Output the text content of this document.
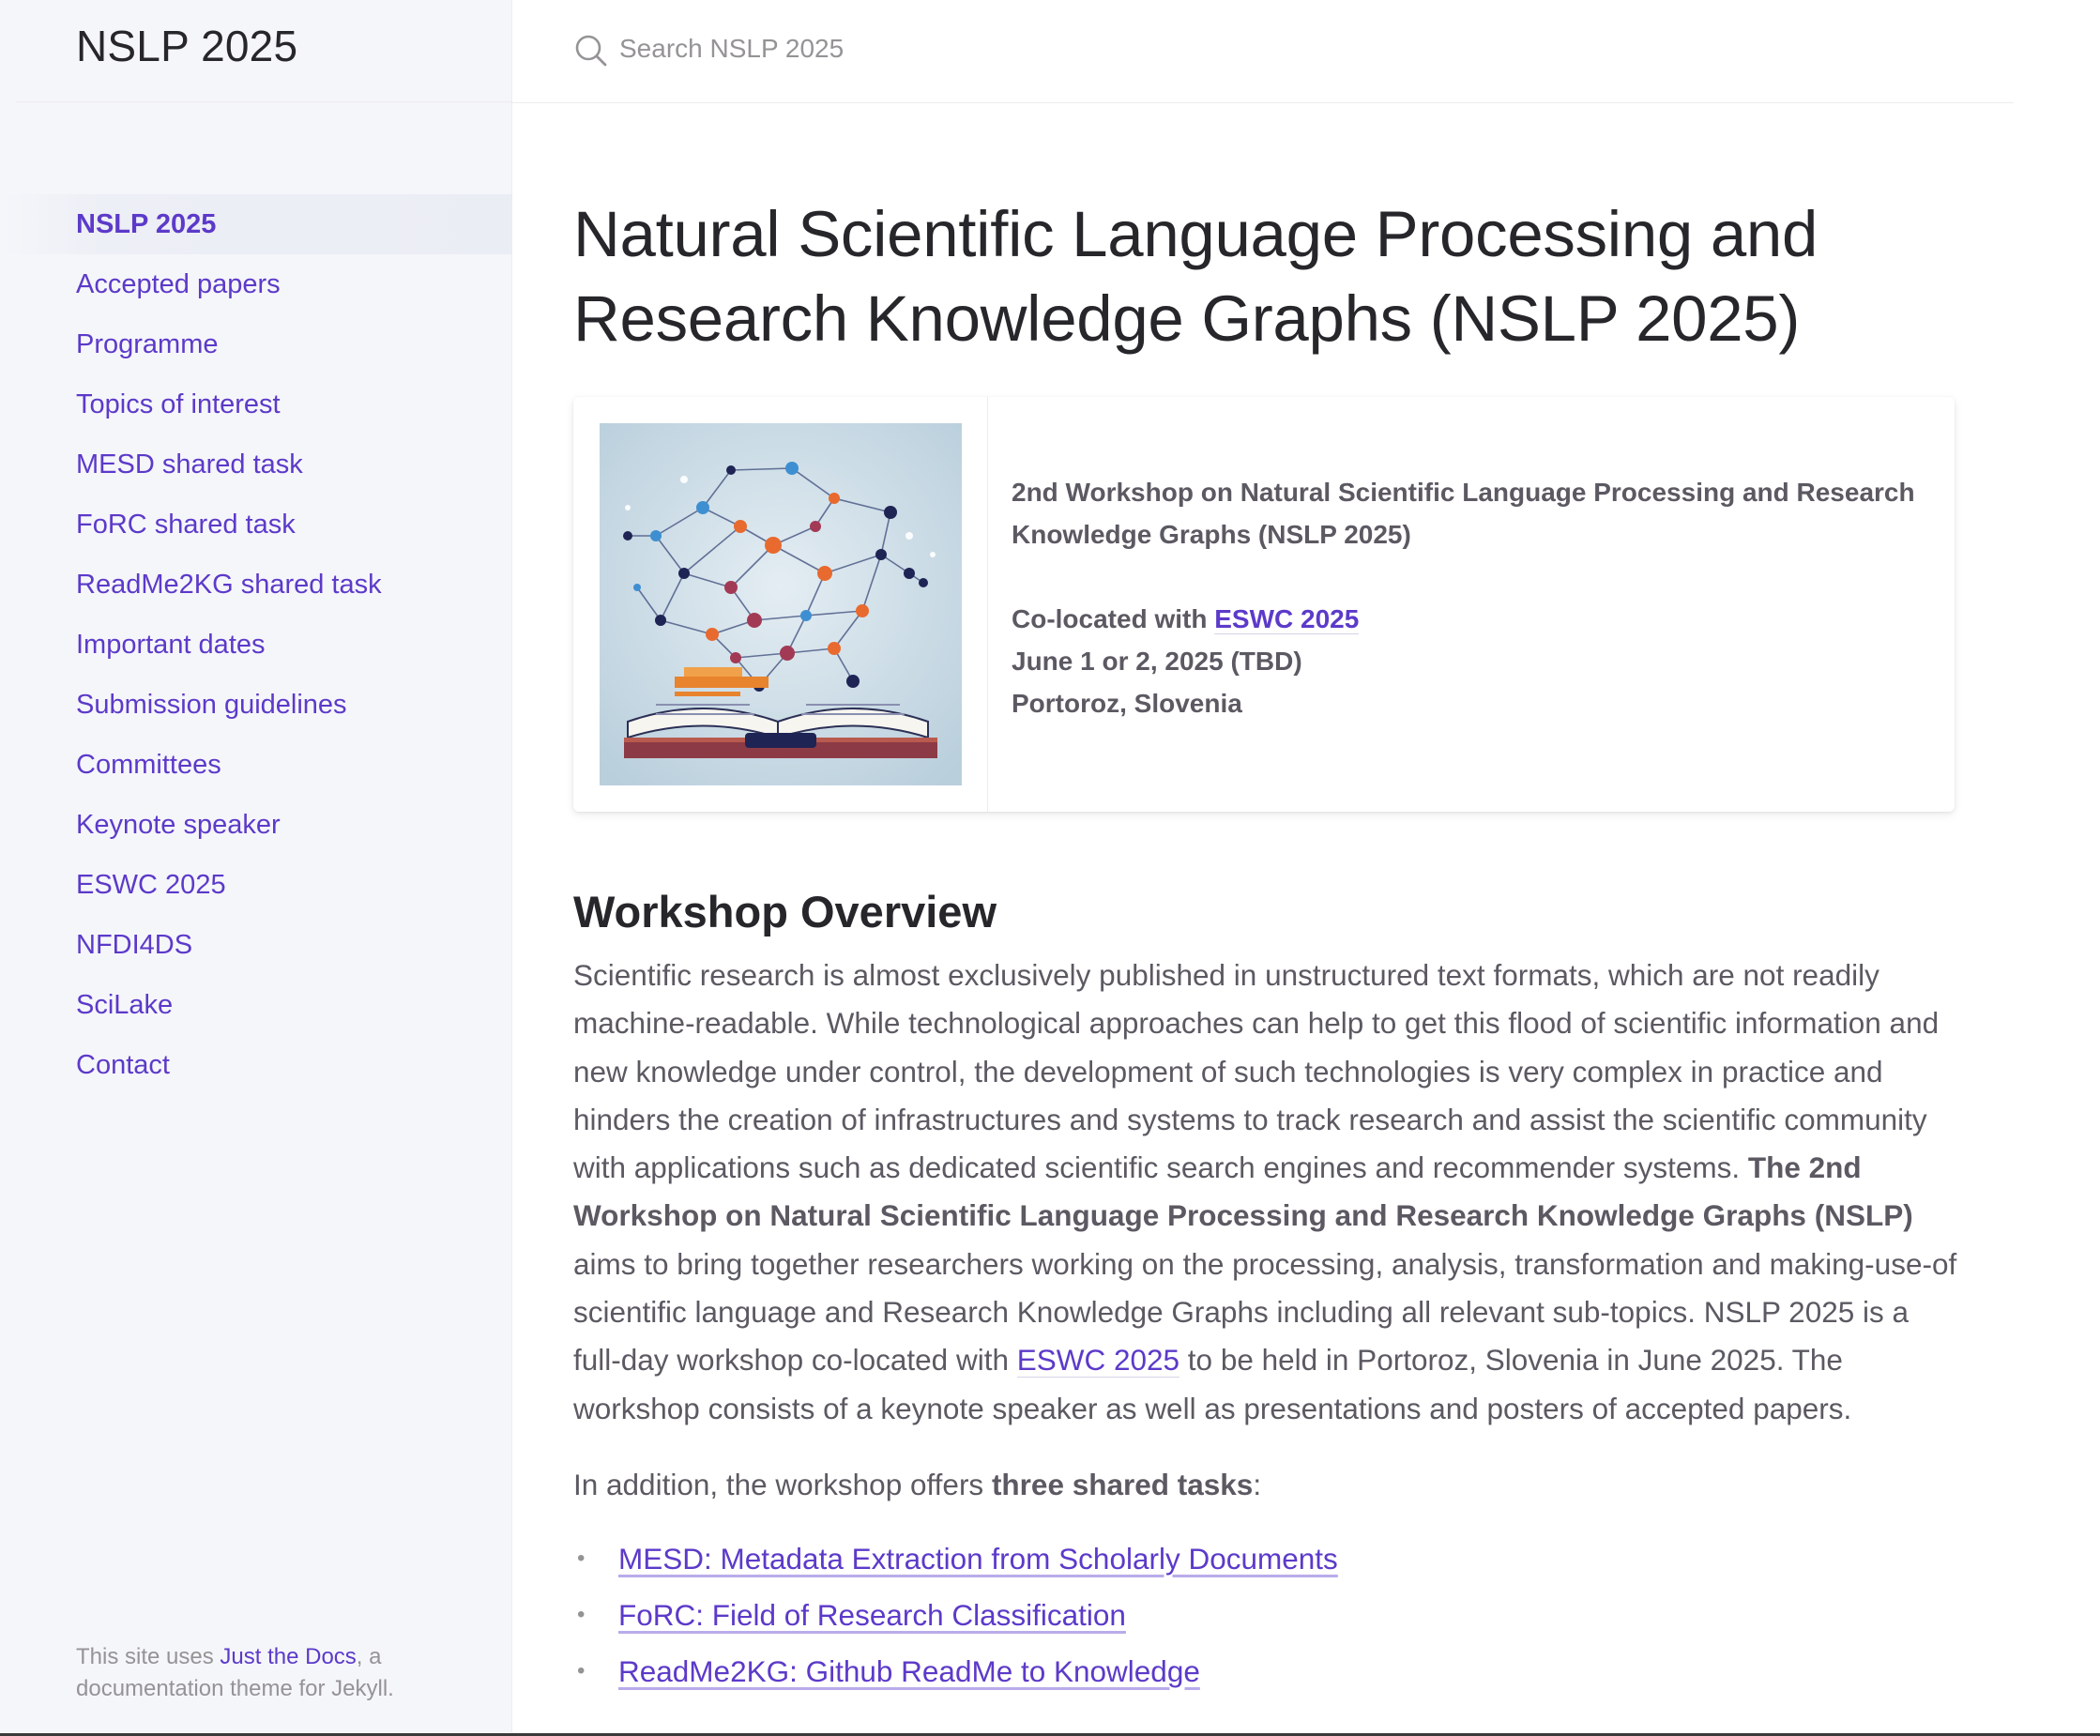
NSLP 2025
NSLP 2025
Accepted papers
Programme
Topics of interest
MESD shared task
FoRC shared task
ReadMe2KG shared task
Important dates
Submission guidelines
Committees
Keynote speaker
ESWC 2025
NFDI4DS
SciLake
Contact
This site uses Just the Docs, a documentation theme for Jekyll.
Search NSLP 2025
Natural Scientific Language Processing and Research Knowledge Graphs (NSLP 2025)
2nd Workshop on Natural Scientific Language Processing and Research Knowledge Graphs (NSLP 2025)
Co-located with ESWC 2025
June 1 or 2, 2025 (TBD)
Portoroz, Slovenia
Workshop Overview

Scientific research is almost exclusively published in unstructured text formats, which are not readily machine-readable. While technological approaches can help to get this flood of scientific information and new knowledge under control, the development of such technologies is very complex in practice and hinders the creation of infrastructures and systems to track research and assist the scientific community with applications such as dedicated scientific search engines and recommender systems. The 2nd Workshop on Natural Scientific Language Processing and Research Knowledge Graphs (NSLP) aims to bring together researchers working on the processing, analysis, transformation and making-use-of scientific language and Research Knowledge Graphs including all relevant sub-topics. NSLP 2025 is a full-day workshop co-located with ESWC 2025 to be held in Portoroz, Slovenia in June 2025. The workshop consists of a keynote speaker as well as presentations and posters of accepted papers.

In addition, the workshop offers three shared tasks:

• MESD: Metadata Extraction from Scholarly Documents
• FoRC: Field of Research Classification
• ReadMe2KG: Github ReadMe to Knowledge
